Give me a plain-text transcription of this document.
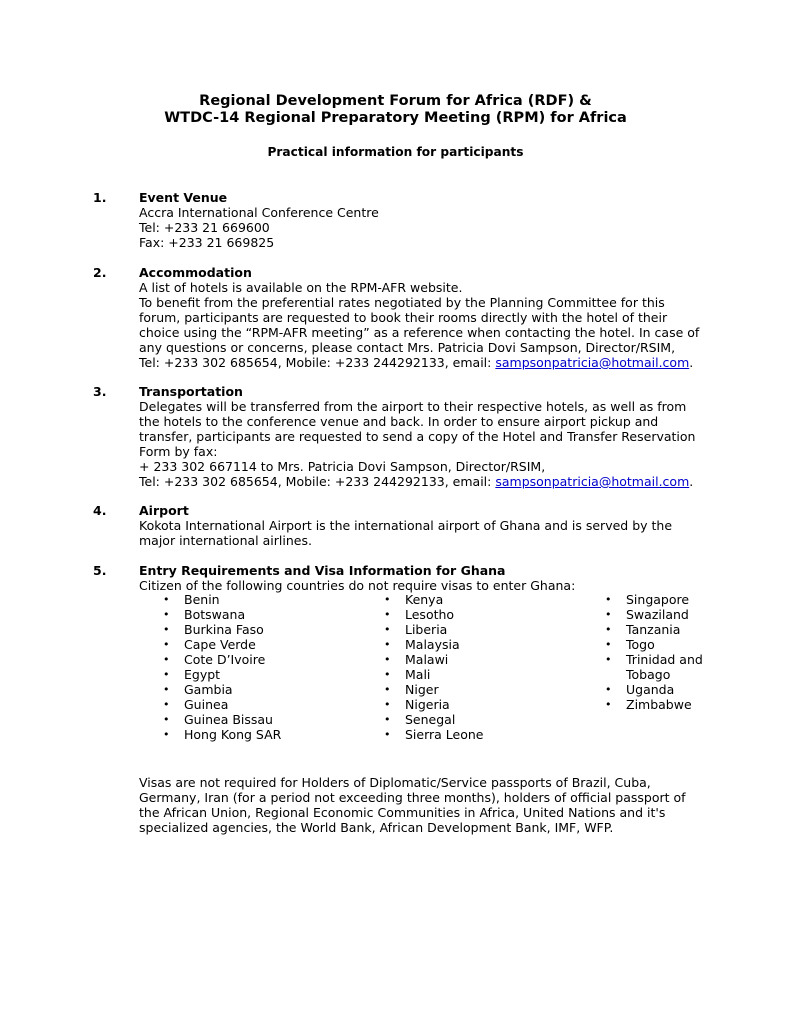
Regional Development Forum for Africa (RDF) &
WTDC-14 Regional Preparatory Meeting (RPM) for Africa
Practical information for participants
1.	Event Venue
Accra International Conference Centre
Tel: +233 21 669600
Fax: +233 21 669825
2.	Accommodation
A list of hotels is available on the RPM-AFR website.
To benefit from the preferential rates negotiated by the Planning Committee for this
forum, participants are requested to book their rooms directly with the hotel of their
choice using the “RPM-AFR meeting” as a reference when contacting the hotel. In case of
any questions or concerns, please contact Mrs. Patricia Dovi Sampson, Director/RSIM,
Tel: +233 302 685654, Mobile: +233 244292133, email: sampsonpatricia@hotmail.com.
3.	Transportation
Delegates will be transferred from the airport to their respective hotels, as well as from
the hotels to the conference venue and back. In order to ensure airport pickup and
transfer, participants are requested to send a copy of the Hotel and Transfer Reservation
Form by fax:
+ 233 302 667114 to Mrs. Patricia Dovi Sampson, Director/RSIM,
Tel: +233 302 685654, Mobile: +233 244292133, email: sampsonpatricia@hotmail.com.
4.	Airport
Kokota International Airport is the international airport of Ghana and is served by the
major international airlines.
5.	Entry Requirements and Visa Information for Ghana
Citizen of the following countries do not require visas to enter Ghana:
• Benin
• Botswana
• Burkina Faso
• Cape Verde
• Cote D’Ivoire
• Egypt
• Gambia
• Guinea
• Guinea Bissau
• Hong Kong SAR
• Kenya
• Lesotho
• Liberia
• Malaysia
• Malawi
• Mali
• Niger
• Nigeria
• Senegal
• Sierra Leone
• Singapore
• Swaziland
• Tanzania
• Togo
• Trinidad and Tobago
• Uganda
• Zimbabwe
Visas are not required for Holders of Diplomatic/Service passports of Brazil, Cuba,
Germany, Iran (for a period not exceeding three months), holders of official passport of
the African Union, Regional Economic Communities in Africa, United Nations and it's
specialized agencies, the World Bank, African Development Bank, IMF, WFP.
